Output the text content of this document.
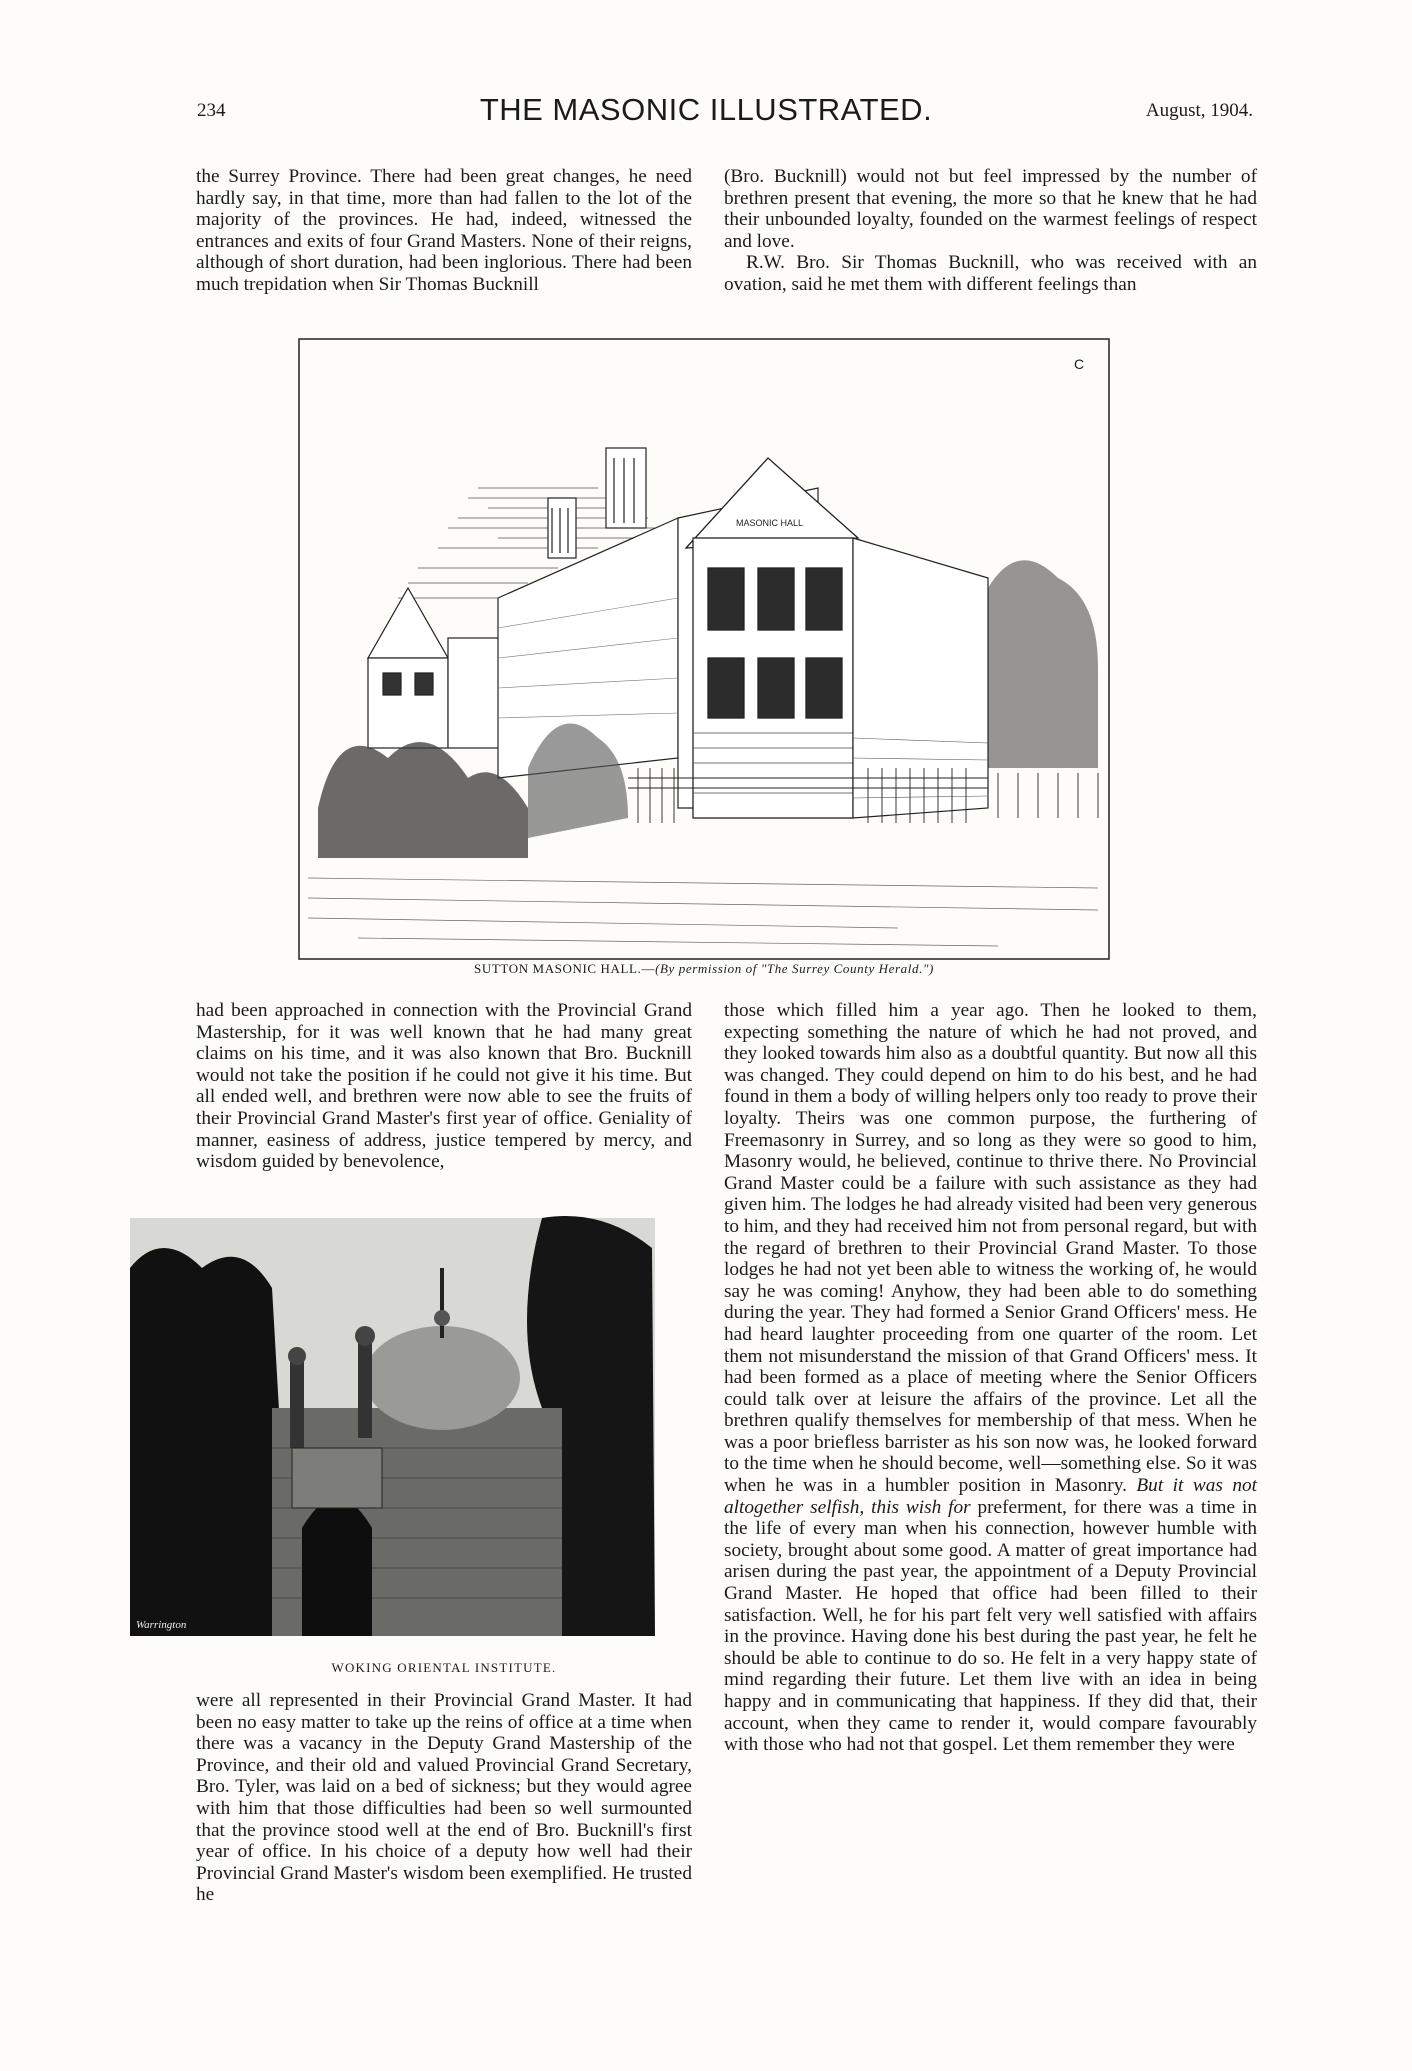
234	THE MASONIC ILLUSTRATED.	August, 1904.

the Surrey Province. There had been great changes, he need hardly say, in that time, more than had fallen to the lot of the majority of the provinces. He had, indeed, witnessed the entrances and exits of four Grand Masters. None of their reigns, although of short duration, had been inglorious. There had been much trepidation when Sir Thomas Bucknill

(Bro. Bucknill) would not but feel impressed by the number of brethren present that evening, the more so that he knew that he had their unbounded loyalty, founded on the warmest feelings of respect and love.

R.W. Bro. Sir Thomas Bucknill, who was received with an ovation, said he met them with different feelings than

MASONIC HALL
C
SUTTON MASONIC HALL.—(By permission of "The Surrey County Herald.")

had been approached in connection with the Provincial Grand Mastership, for it was well known that he had many great claims on his time, and it was also known that Bro. Bucknill would not take the position if he could not give it his time. But all ended well, and brethren were now able to see the fruits of their Provincial Grand Master's first year of office. Geniality of manner, easiness of address, justice tempered by mercy, and wisdom guided by benevolence,

Warrington
WOKING ORIENTAL INSTITUTE.

were all represented in their Provincial Grand Master. It had been no easy matter to take up the reins of office at a time when there was a vacancy in the Deputy Grand Mastership of the Province, and their old and valued Provincial Grand Secretary, Bro. Tyler, was laid on a bed of sickness; but they would agree with him that those difficulties had been so well surmounted that the province stood well at the end of Bro. Bucknill's first year of office. In his choice of a deputy how well had their Provincial Grand Master's wisdom been exemplified. He trusted he

those which filled him a year ago. Then he looked to them, expecting something the nature of which he had not proved, and they looked towards him also as a doubtful quantity. But now all this was changed. They could depend on him to do his best, and he had found in them a body of willing helpers only too ready to prove their loyalty. Theirs was one common purpose, the furthering of Freemasonry in Surrey, and so long as they were so good to him, Masonry would, he believed, continue to thrive there. No Provincial Grand Master could be a failure with such assistance as they had given him. The lodges he had already visited had been very generous to him, and they had received him not from personal regard, but with the regard of brethren to their Provincial Grand Master. To those lodges he had not yet been able to witness the working of, he would say he was coming! Anyhow, they had been able to do something during the year. They had formed a Senior Grand Officers' mess. He had heard laughter proceeding from one quarter of the room. Let them not misunderstand the mission of that Grand Officers' mess. It had been formed as a place of meeting where the Senior Officers could talk over at leisure the affairs of the province. Let all the brethren qualify themselves for membership of that mess. When he was a poor briefless barrister as his son now was, he looked forward to the time when he should become, well—something else. So it was when he was in a humbler position in Masonry. But it was not altogether selfish, this wish for preferment, for there was a time in the life of every man when his connection, however humble with society, brought about some good. A matter of great importance had arisen during the past year, the appointment of a Deputy Provincial Grand Master. He hoped that office had been filled to their satisfaction. Well, he for his part felt very well satisfied with affairs in the province. Having done his best during the past year, he felt he should be able to continue to do so. He felt in a very happy state of mind regarding their future. Let them live with an idea in being happy and in communicating that happiness. If they did that, their account, when they came to render it, would compare favourably with those who had not that gospel. Let them remember they were
